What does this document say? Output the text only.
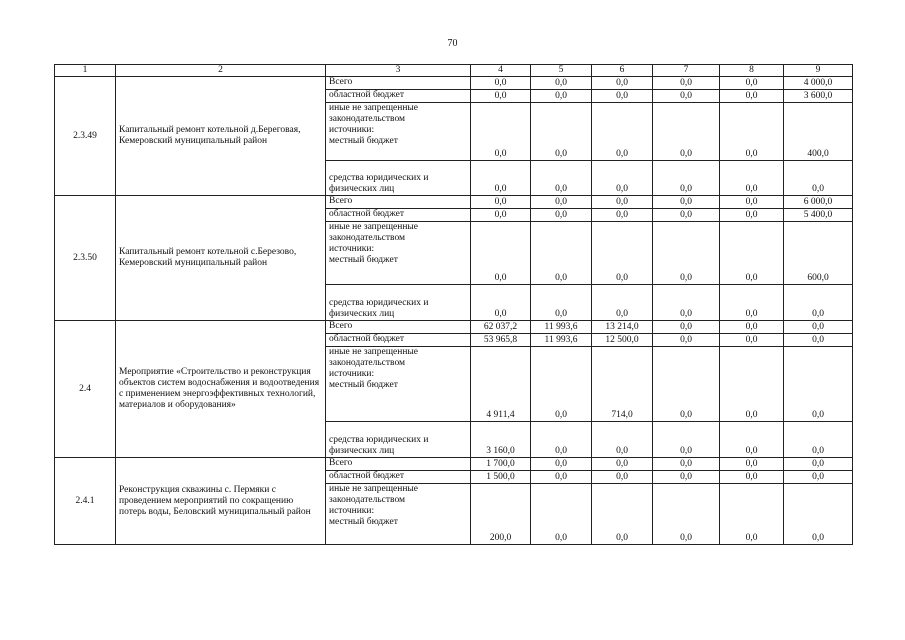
70
1	2	3	4	5	6	7	8	9
2.3.49	Капитальный ремонт котельной д.Береговая, Кемеровский муниципальный район	Всего	0,0	0,0	0,0	0,0	0,0	4 000,0
		областной бюджет	0,0	0,0	0,0	0,0	0,0	3 600,0

		иные не запрещенные
законодательством
источники:
местный бюджет	0,0	0,0	0,0	0,0	0,0	400,0

		средства юридических и
физических лиц	0,0	0,0	0,0	0,0	0,0	0,0
2.3.50	Капитальный ремонт котельной с.Березово, Кемеровский муниципальный район	Всего	0,0	0,0	0,0	0,0	0,0	6 000,0
		областной бюджет	0,0	0,0	0,0	0,0	0,0	5 400,0

		иные не запрещенные
законодательством
источники:
местный бюджет	0,0	0,0	0,0	0,0	0,0	600,0

		средства юридических и
физических лиц	0,0	0,0	0,0	0,0	0,0	0,0
2.4	Мероприятие «Строительство и реконструкция объектов систем водоснабжения и водоотведения с применением энергоэффективных технологий, материалов и оборудования»	Всего	62 037,2	11 993,6	13 214,0	0,0	0,0	0,0
		областной бюджет	53 965,8	11 993,6	12 500,0	0,0	0,0	0,0

		иные не запрещенные
законодательством
источники:
местный бюджет	4 911,4	0,0	714,0	0,0	0,0	0,0

		средства юридических и
физических лиц	3 160,0	0,0	0,0	0,0	0,0	0,0
2.4.1	Реконструкция скважины с. Пермяки с проведением мероприятий по сокращению потерь воды, Беловский муниципальный район	Всего	1 700,0	0,0	0,0	0,0	0,0	0,0
		областной бюджет	1 500,0	0,0	0,0	0,0	0,0	0,0

		иные не запрещенные
законодательством
источники:
местный бюджет	200,0	0,0	0,0	0,0	0,0	0,0
